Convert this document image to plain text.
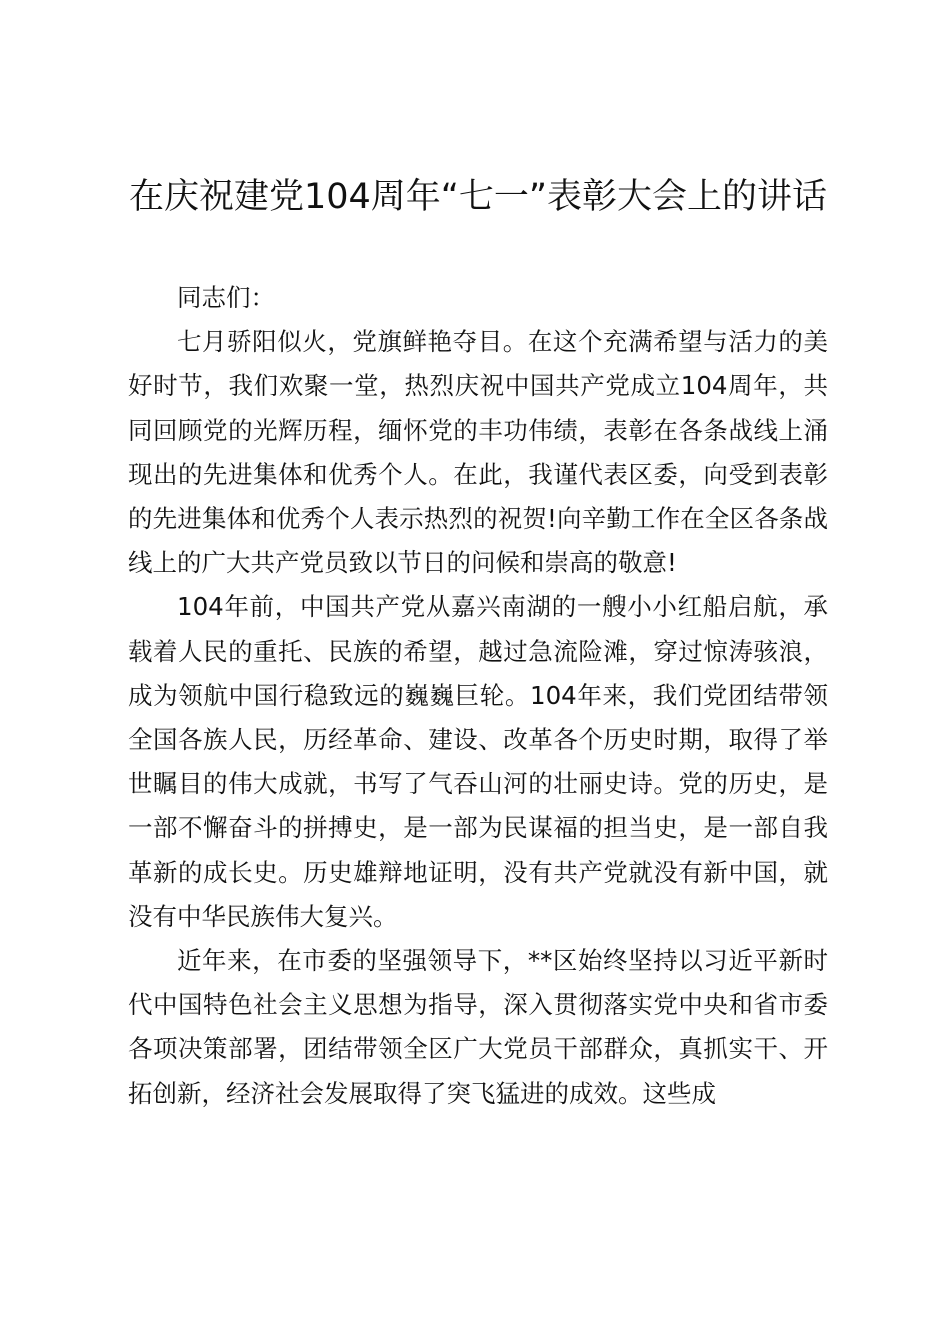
在庆祝建党104周年“七一”表彰大会上的讲话

同志们：

七月骄阳似火，党旗鲜艳夺目。在这个充满希望与活力的美好时节，我们欢聚一堂，热烈庆祝中国共产党成立104周年，共同回顾党的光辉历程，缅怀党的丰功伟绩，表彰在各条战线上涌现出的先进集体和优秀个人。在此，我谨代表区委，向受到表彰的先进集体和优秀个人表示热烈的祝贺!向辛勤工作在全区各条战线上的广大共产党员致以节日的问候和崇高的敬意!

104年前，中国共产党从嘉兴南湖的一艘小小红船启航，承载着人民的重托、民族的希望，越过急流险滩，穿过惊涛骇浪，成为领航中国行稳致远的巍巍巨轮。104年来，我们党团结带领全国各族人民，历经革命、建设、改革各个历史时期，取得了举世瞩目的伟大成就，书写了气吞山河的壮丽史诗。党的历史，是一部不懈奋斗的拼搏史，是一部为民谋福的担当史，是一部自我革新的成长史。历史雄辩地证明，没有共产党就没有新中国，就没有中华民族伟大复兴。

近年来，在市委的坚强领导下，**区始终坚持以习近平新时代中国特色社会主义思想为指导，深入贯彻落实党中央和省市委各项决策部署，团结带领全区广大党员干部群众，真抓实干、开拓创新，经济社会发展取得了突飞猛进的成效。这些成
